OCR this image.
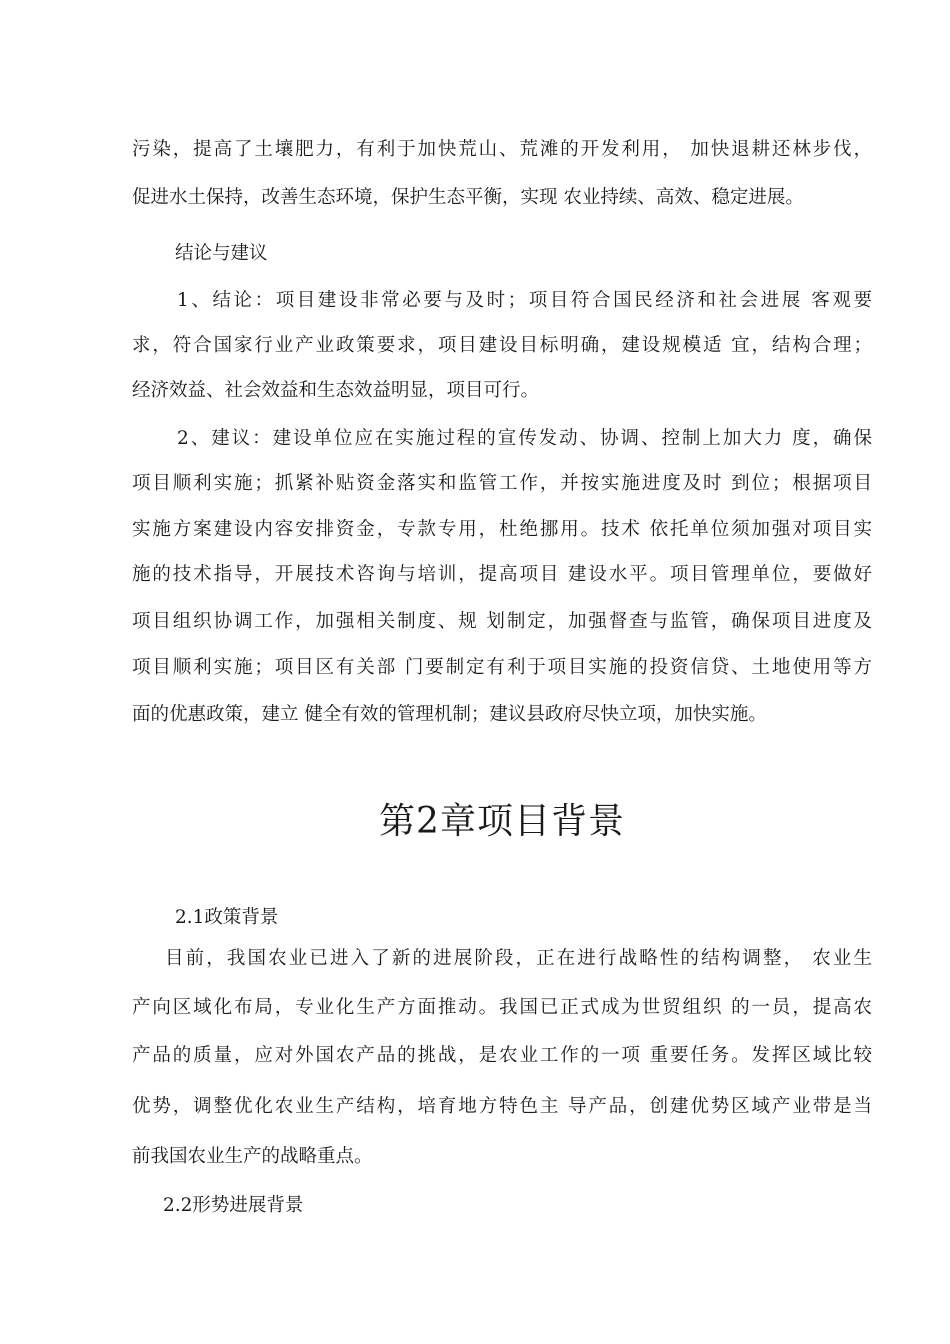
污染，提高了土壤肥力，有利于加快荒山、荒滩的开发利用， 加快退耕还林步伐，
促进水土保持，改善生态环境，保护生态平衡，实现 农业持续、高效、稳定进展。
结论与建议
1、结论：项目建设非常必要与及时；项目符合国民经济和社会进展 客观要
求，符合国家行业产业政策要求，项目建设目标明确，建设规模适 宜，结构合理；
经济效益、社会效益和生态效益明显，项目可行。
2、建议：建设单位应在实施过程的宣传发动、协调、控制上加大力 度，确保
项目顺利实施；抓紧补贴资金落实和监管工作，并按实施进度及时 到位；根据项目
实施方案建设内容安排资金，专款专用，杜绝挪用。技术 依托单位须加强对项目实
施的技术指导，开展技术咨询与培训，提高项目 建设水平。项目管理单位，要做好
项目组织协调工作，加强相关制度、规 划制定，加强督查与监管，确保项目进度及
项目顺利实施；项目区有关部 门要制定有利于项目实施的投资信贷、土地使用等方
面的优惠政策，建立 健全有效的管理机制；建议县政府尽快立项，加快实施。
第2章项目背景
2.1政策背景
目前，我国农业已进入了新的进展阶段，正在进行战略性的结构调整， 农业生
产向区域化布局，专业化生产方面推动。我国已正式成为世贸组织 的一员，提高农
产品的质量，应对外国农产品的挑战，是农业工作的一项 重要任务。发挥区域比较
优势，调整优化农业生产结构，培育地方特色主 导产品，创建优势区域产业带是当
前我国农业生产的战略重点。
2.2形势进展背景
